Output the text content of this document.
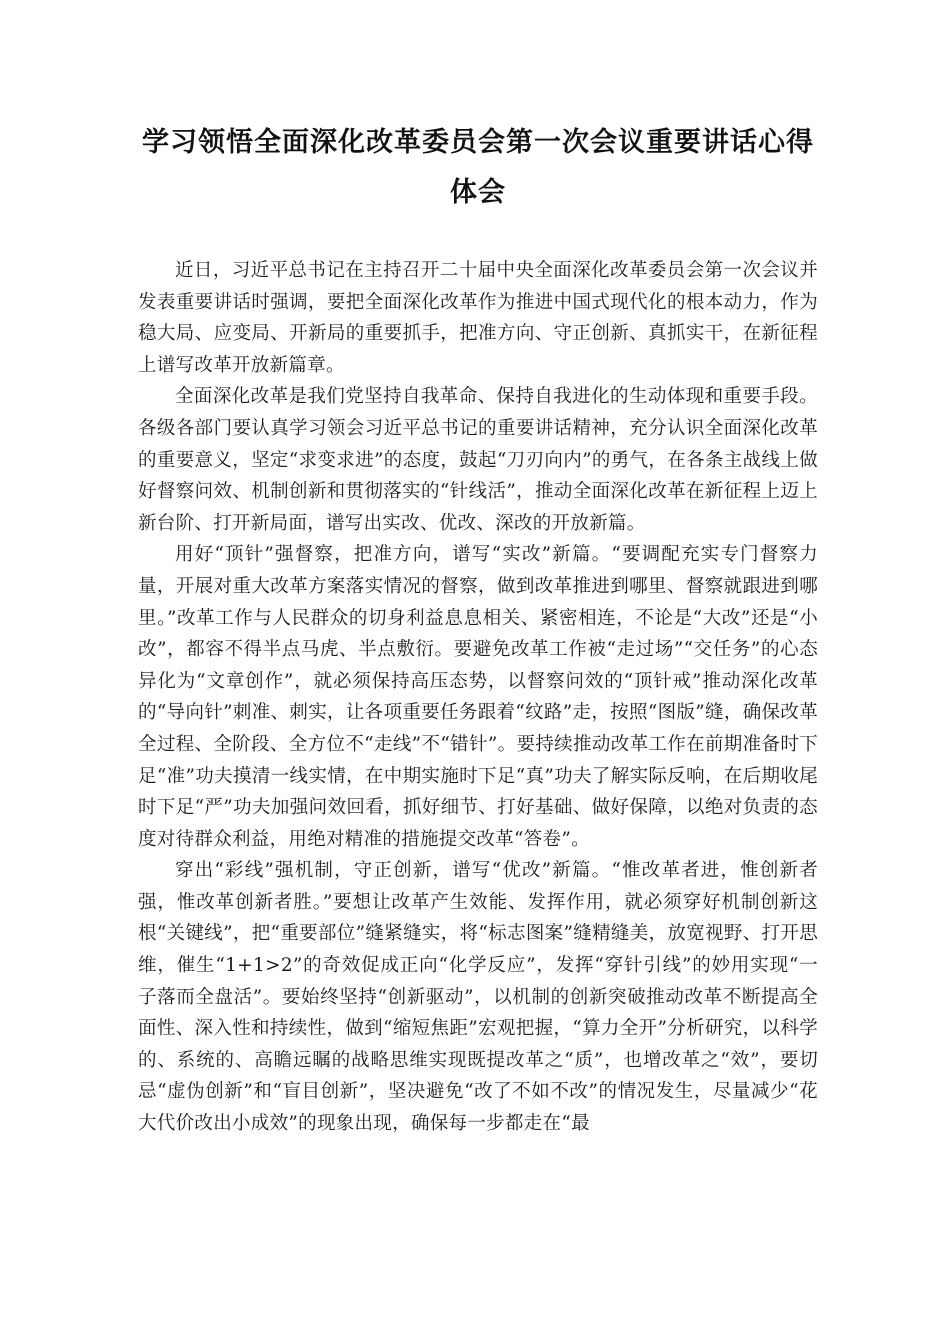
学习领悟全面深化改革委员会第一次会议重要讲话心得
体会

近日，习近平总书记在主持召开二十届中央全面深化改革委员会第一次会议并发表重要讲话时强调，要把全面深化改革作为推进中国式现代化的根本动力，作为稳大局、应变局、开新局的重要抓手，把准方向、守正创新、真抓实干，在新征程上谱写改革开放新篇章。

全面深化改革是我们党坚持自我革命、保持自我进化的生动体现和重要手段。各级各部门要认真学习领会习近平总书记的重要讲话精神，充分认识全面深化改革的重要意义，坚定“求变求进”的态度，鼓起“刀刃向内”的勇气，在各条主战线上做好督察问效、机制创新和贯彻落实的“针线活”，推动全面深化改革在新征程上迈上新台阶、打开新局面，谱写出实改、优改、深改的开放新篇。

用好“顶针”强督察，把准方向，谱写“实改”新篇。“要调配充实专门督察力量，开展对重大改革方案落实情况的督察，做到改革推进到哪里、督察就跟进到哪里。”改革工作与人民群众的切身利益息息相关、紧密相连，不论是“大改”还是“小改”，都容不得半点马虎、半点敷衍。要避免改革工作被“走过场”“交任务”的心态异化为“文章创作”，就必须保持高压态势，以督察问效的“顶针戒”推动深化改革的“导向针”刺准、刺实，让各项重要任务跟着“纹路”走，按照“图版”缝，确保改革全过程、全阶段、全方位不“走线”不“错针”。要持续推动改革工作在前期准备时下足“准”功夫摸清一线实情，在中期实施时下足“真”功夫了解实际反响，在后期收尾时下足“严”功夫加强问效回看，抓好细节、打好基础、做好保障，以绝对负责的态度对待群众利益，用绝对精准的措施提交改革“答卷”。

穿出“彩线”强机制，守正创新，谱写“优改”新篇。“惟改革者进，惟创新者强，惟改革创新者胜。”要想让改革产生效能、发挥作用，就必须穿好机制创新这根“关键线”，把“重要部位”缝紧缝实，将“标志图案”缝精缝美，放宽视野、打开思维，催生“1+1>2”的奇效促成正向“化学反应”，发挥“穿针引线”的妙用实现“一子落而全盘活”。要始终坚持“创新驱动”，以机制的创新突破推动改革不断提高全面性、深入性和持续性，做到“缩短焦距”宏观把握，“算力全开”分析研究，以科学的、系统的、高瞻远瞩的战略思维实现既提改革之“质”，也增改革之“效”，要切忌“虚伪创新”和“盲目创新”，坚决避免“改了不如不改”的情况发生，尽量减少“花大代价改出小成效”的现象出现，确保每一步都走在“最
